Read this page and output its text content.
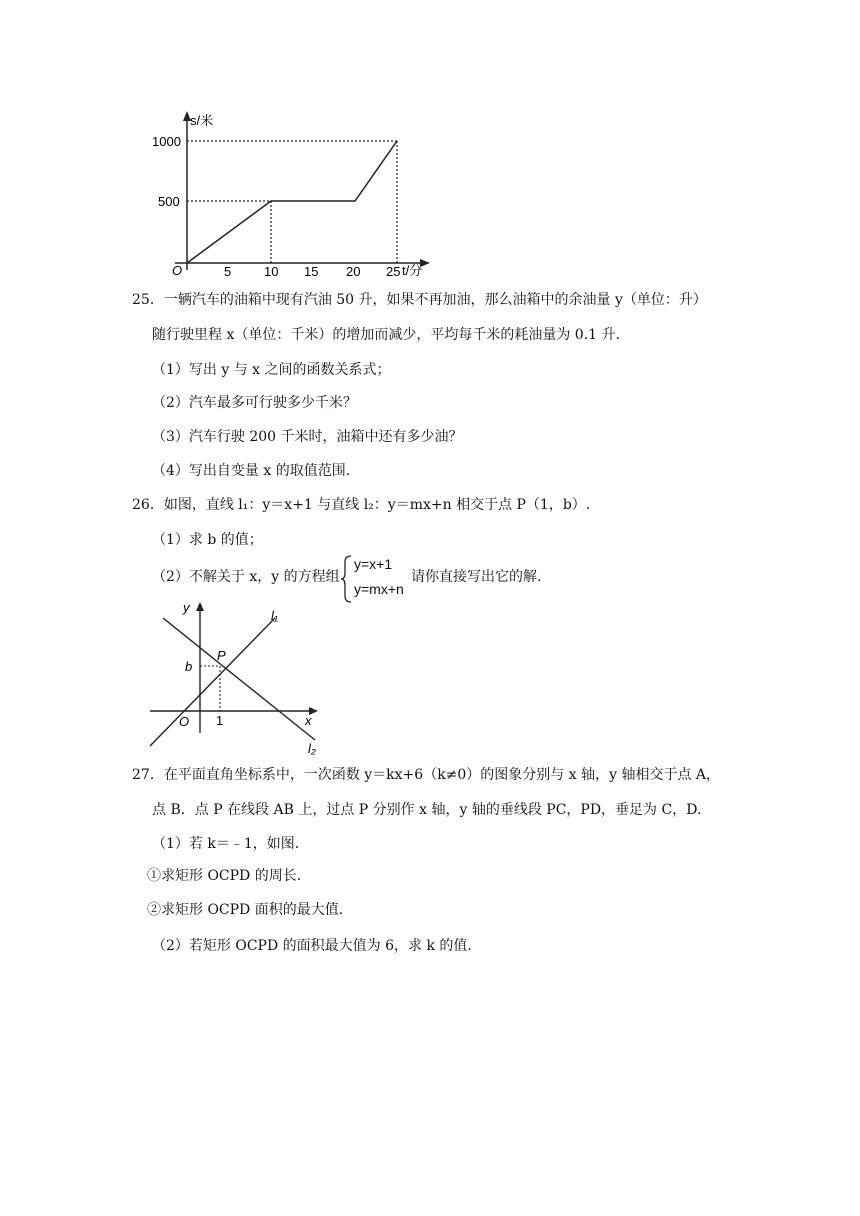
s/米
t/分
O
1000
500
5	10 15 20 25
25．一辆汽车的油箱中现有汽油 50 升，如果不再加油，那么油箱中的余油量 y（单位：升）
随行驶里程 x（单位：千米）的增加而减少，平均每千米的耗油量为 0.1 升.
（1）写出 y 与 x 之间的函数关系式；
（2）汽车最多可行驶多少千米？
（3）汽车行驶 200 千米时，油箱中还有多少油？
（4）写出自变量 x 的取值范围.
26．如图，直线 l₁：y＝x+1 与直线 l₂：y＝mx+n 相交于点 P（1，b）.
（1）求 b 的值；
（2）不解关于 x，y 的方程组
y=x+1
y=mx+n
请你直接写出它的解.
y
x
O
P
b
1
l₁
l₂
27．在平面直角坐标系中，一次函数 y＝kx+6（k≠0）的图象分别与 x 轴，y 轴相交于点 A，
点 B．点 P 在线段 AB 上，过点 P 分别作 x 轴，y 轴的垂线段 PC，PD，垂足为 C，D.
（1）若 k＝﹣1，如图.
①求矩形 OCPD 的周长.
②求矩形 OCPD 面积的最大值.
（2）若矩形 OCPD 的面积最大值为 6，求 k 的值.
